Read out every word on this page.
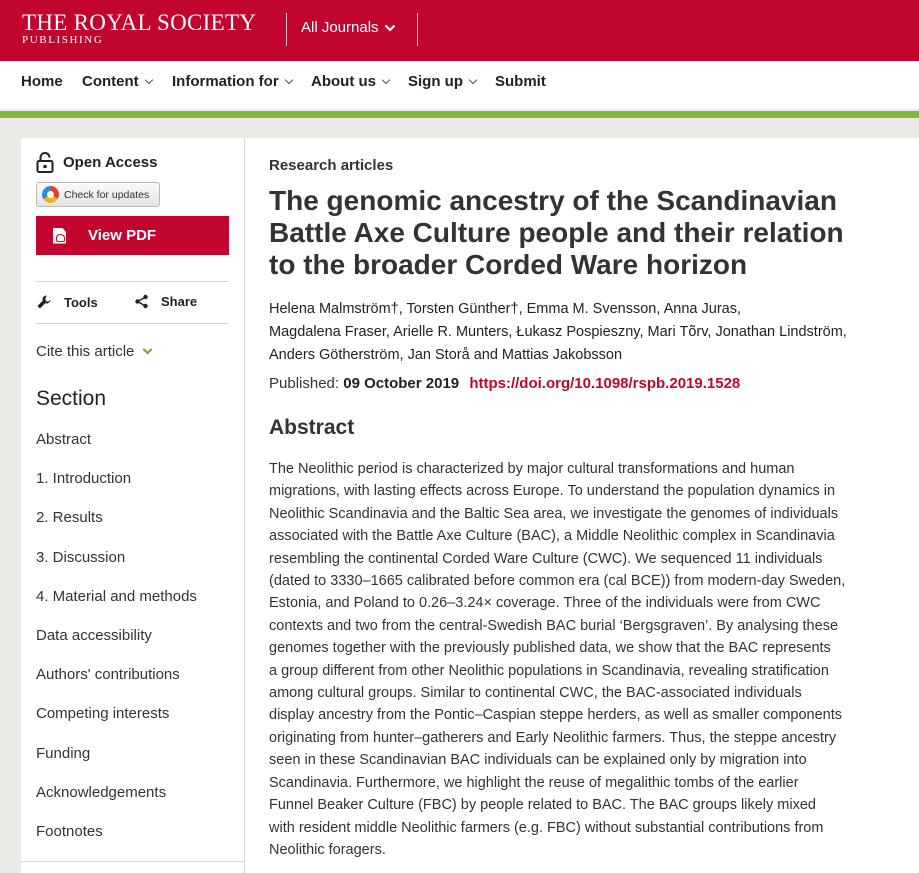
THE ROYAL SOCIETY
PUBLISHING
All Journals
Home Content Information for About us Sign up Submit
Open Access
Check for updates
View PDF
Tools	Share
Cite this article
Section
Abstract
1. Introduction
2. Results
3. Discussion
4. Material and methods
Data accessibility
Authors' contributions
Competing interests
Funding
Acknowledgements
Footnotes
Research articles
The genomic ancestry of the Scandinavian
Battle Axe Culture people and their relation
to the broader Corded Ware horizon
Helena Malmström†, Torsten Günther†, Emma M. Svensson, Anna Juras,
Magdalena Fraser, Arielle R. Munters, Łukasz Pospieszny, Mari Tõrv, Jonathan Lindström,
Anders Götherström, Jan Storå and Mattias Jakobsson
Published: 09 October 2019 https://doi.org/10.1098/rspb.2019.1528
Abstract
The Neolithic period is characterized by major cultural transformations and human
migrations, with lasting effects across Europe. To understand the population dynamics in
Neolithic Scandinavia and the Baltic Sea area, we investigate the genomes of individuals
associated with the Battle Axe Culture (BAC), a Middle Neolithic complex in Scandinavia
resembling the continental Corded Ware Culture (CWC). We sequenced 11 individuals
(dated to 3330–1665 calibrated before common era (cal BCE)) from modern-day Sweden,
Estonia, and Poland to 0.26–3.24× coverage. Three of the individuals were from CWC
contexts and two from the central-Swedish BAC burial ‘Bergsgraven’. By analysing these
genomes together with the previously published data, we show that the BAC represents
a group different from other Neolithic populations in Scandinavia, revealing stratification
among cultural groups. Similar to continental CWC, the BAC-associated individuals
display ancestry from the Pontic–Caspian steppe herders, as well as smaller components
originating from hunter–gatherers and Early Neolithic farmers. Thus, the steppe ancestry
seen in these Scandinavian BAC individuals can be explained only by migration into
Scandinavia. Furthermore, we highlight the reuse of megalithic tombs of the earlier
Funnel Beaker Culture (FBC) by people related to BAC. The BAC groups likely mixed
with resident middle Neolithic farmers (e.g. FBC) without substantial contributions from
Neolithic foragers.
